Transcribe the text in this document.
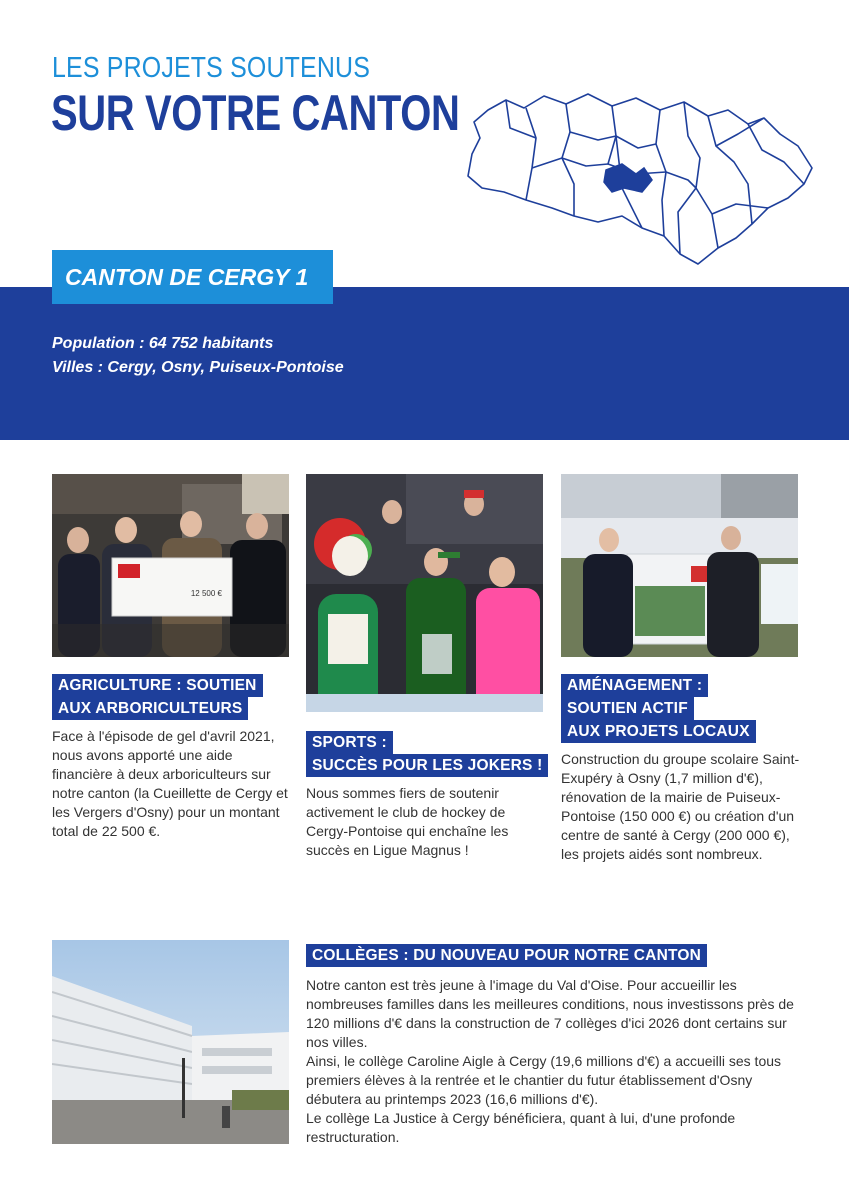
LES PROJETS SOUTENUS
SUR VOTRE CANTON
CANTON DE CERGY 1
Population : 64 752 habitants
Villes : Cergy, Osny, Puiseux-Pontoise
12 500 €
AGRICULTURE : SOUTIEN
AUX ARBORICULTEURS
Face à l'épisode de gel d'avril 2021, nous avons apporté une aide financière à deux arboriculteurs sur notre canton (la Cueillette de Cergy et les Vergers d'Osny) pour un montant total de 22 500 €.
SPORTS :
SUCCÈS POUR LES JOKERS !
Nous sommes fiers de soutenir activement le club de hockey de Cergy-Pontoise qui enchaîne les succès en Ligue Magnus !
AMÉNAGEMENT :
SOUTIEN ACTIF
AUX PROJETS LOCAUX
Construction du groupe scolaire Saint-Exupéry à Osny (1,7 million d'€), rénovation de la mairie de Puiseux-Pontoise (150 000 €) ou création d'un centre de santé à Cergy (200 000 €), les projets aidés sont nombreux.
COLLÈGES : DU NOUVEAU POUR NOTRE CANTON
Notre canton est très jeune à l'image du Val d'Oise. Pour accueillir les nombreuses familles dans les meilleures conditions, nous investissons près de 120 millions d'€ dans la construction de 7 collèges d'ici 2026 dont certains sur nos villes.
Ainsi, le collège Caroline Aigle à Cergy (19,6 millions d'€) a accueilli ses tous premiers élèves à la rentrée et le chantier du futur établissement d'Osny débutera au printemps 2023 (16,6 millions d'€).
Le collège La Justice à Cergy bénéficiera, quant à lui, d'une profonde restructuration.
